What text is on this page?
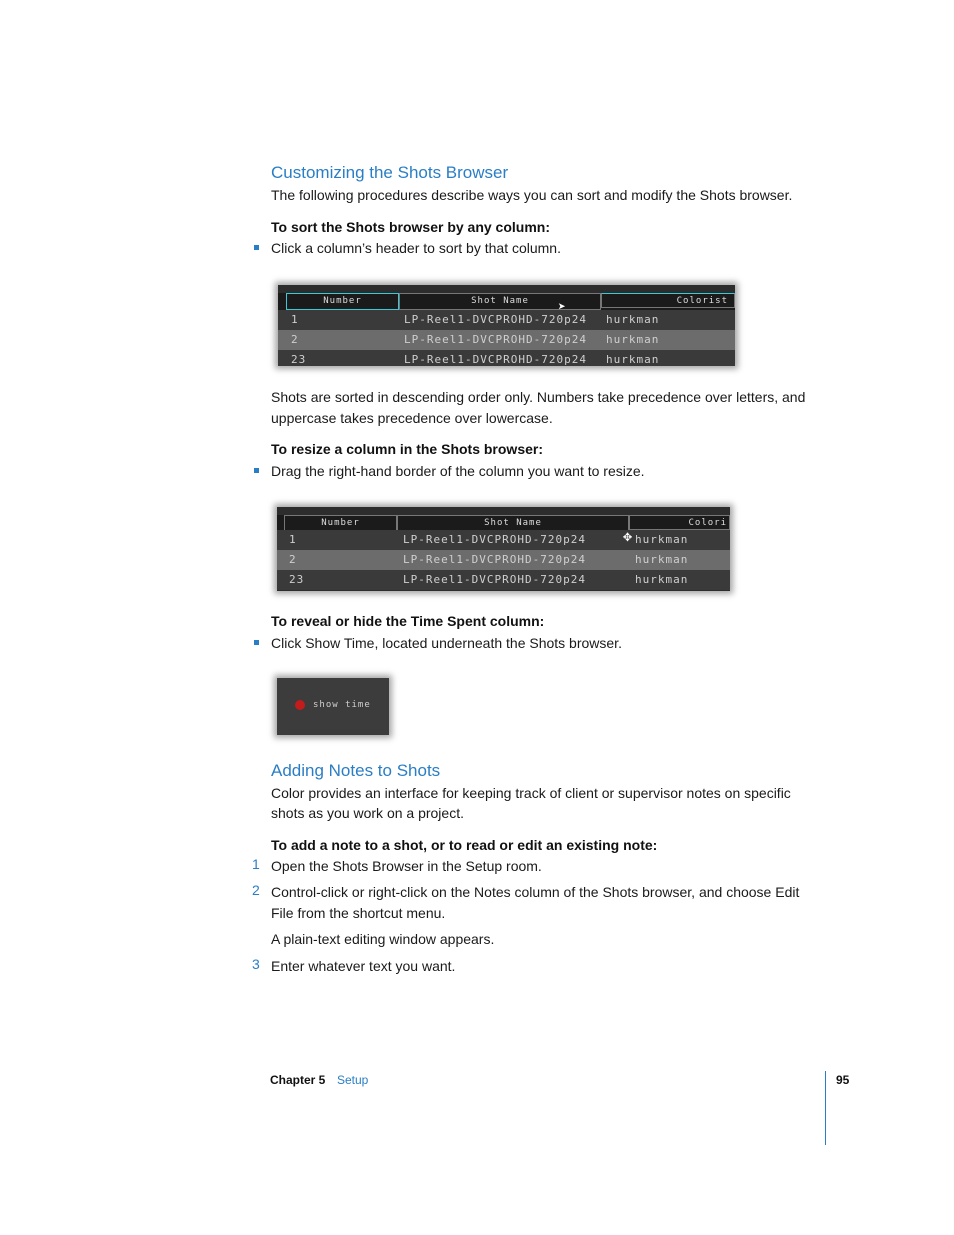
Customizing the Shots Browser
The following procedures describe ways you can sort and modify the Shots browser.
To sort the Shots browser by any column:
Click a column’s header to sort by that column.
Number	Shot Name	Colorist
1	LP-Reel1-DVCPROHD-720p24 hurkman
2	LP-Reel1-DVCPROHD-720p24 hurkman
23	LP-Reel1-DVCPROHD-720p24 hurkman
➤
Shots are sorted in descending order only. Numbers take precedence over letters, and
uppercase takes precedence over lowercase.
To resize a column in the Shots browser:
Drag the right-hand border of the column you want to resize.
Number	Shot Name	Colori
1	LP-Reel1-DVCPROHD-720p24	hurkman
2	LP-Reel1-DVCPROHD-720p24	hurkman
23	LP-Reel1-DVCPROHD-720p24	hurkman
✥
To reveal or hide the Time Spent column:
Click Show Time, located underneath the Shots browser.
show time
Adding Notes to Shots
Color provides an interface for keeping track of client or supervisor notes on specific
shots as you work on a project.
To add a note to a shot, or to read or edit an existing note:
1 Open the Shots Browser in the Setup room.
2 Control-click or right-click on the Notes column of the Shots browser, and choose Edit
File from the shortcut menu.
A plain-text editing window appears.
3 Enter whatever text you want.
Chapter 5 Setup	95
